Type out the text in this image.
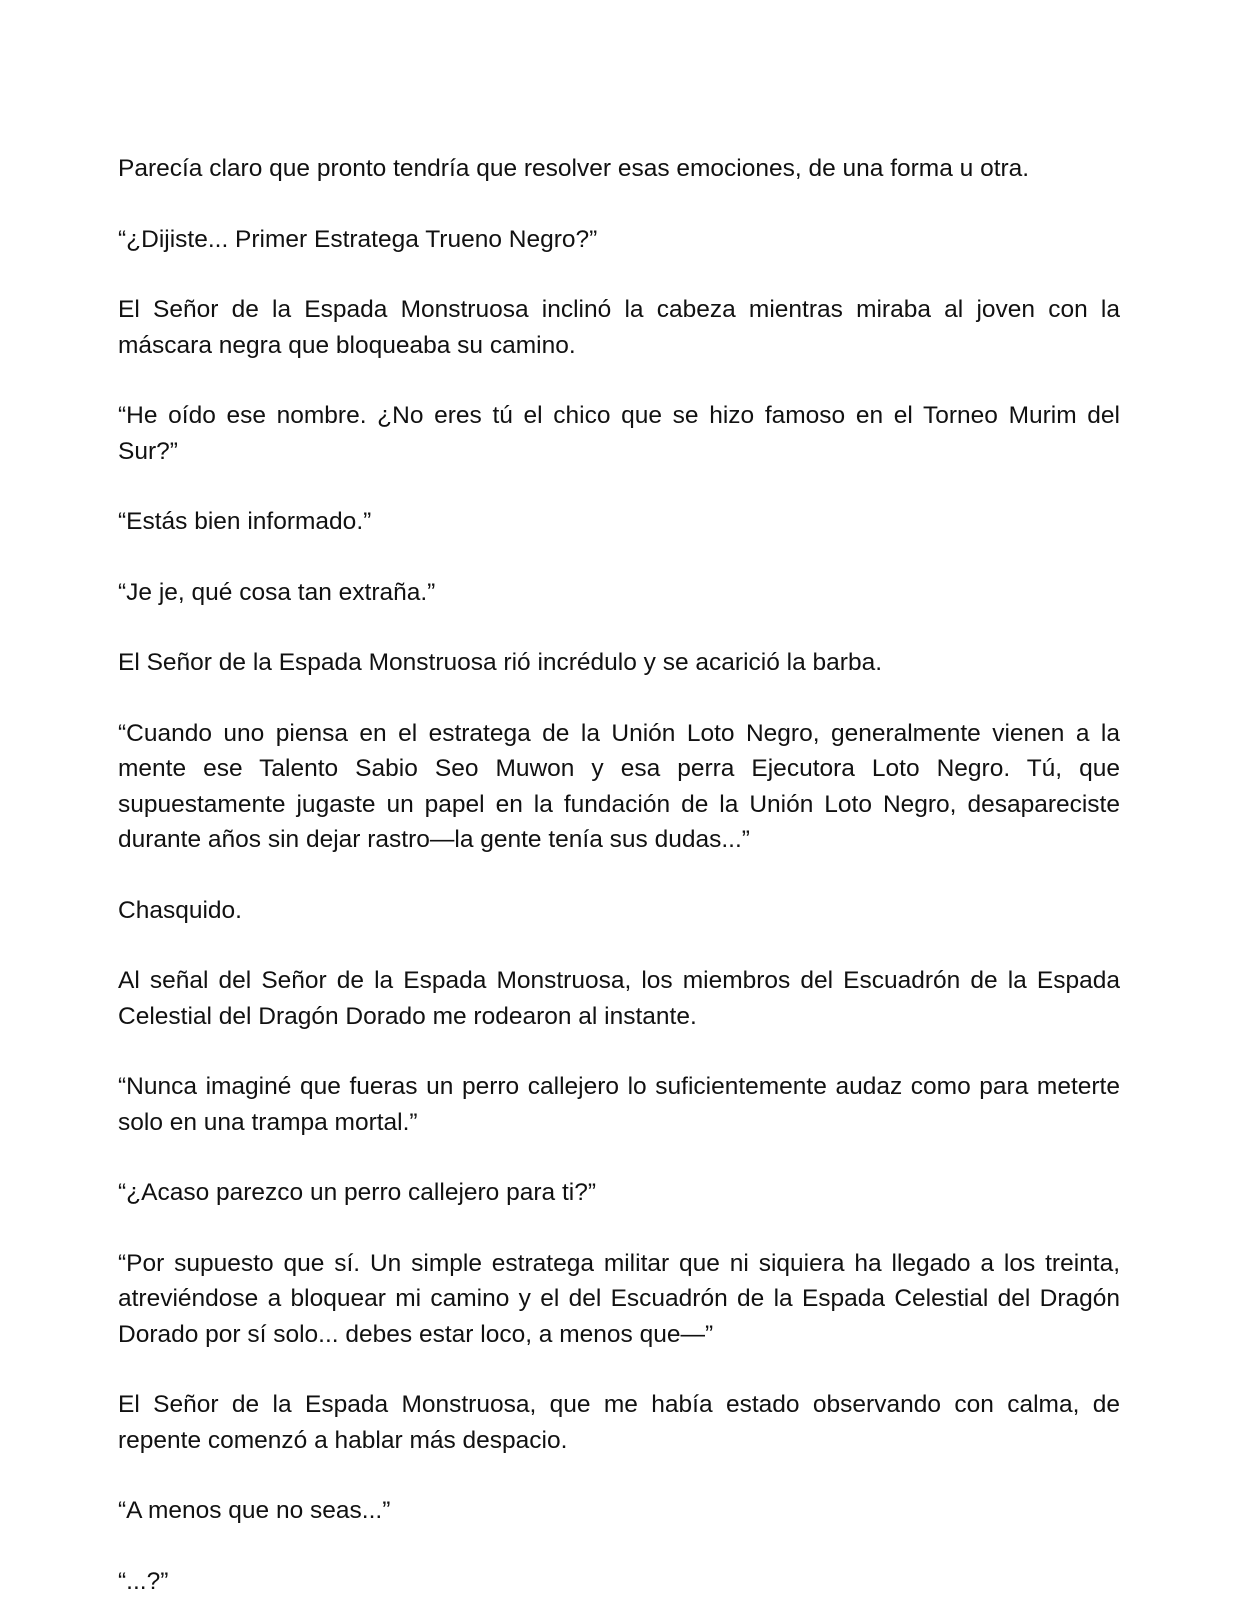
Parecía claro que pronto tendría que resolver esas emociones, de una forma u otra.

“¿Dijiste... Primer Estratega Trueno Negro?”

El Señor de la Espada Monstruosa inclinó la cabeza mientras miraba al joven con la máscara negra que bloqueaba su camino.

“He oído ese nombre. ¿No eres tú el chico que se hizo famoso en el Torneo Murim del Sur?”

“Estás bien informado.”

“Je je, qué cosa tan extraña.”

El Señor de la Espada Monstruosa rió incrédulo y se acarició la barba.

“Cuando uno piensa en el estratega de la Unión Loto Negro, generalmente vienen a la mente ese Talento Sabio Seo Muwon y esa perra Ejecutora Loto Negro. Tú, que supuestamente jugaste un papel en la fundación de la Unión Loto Negro, desapareciste durante años sin dejar rastro—la gente tenía sus dudas...”

Chasquido.

Al señal del Señor de la Espada Monstruosa, los miembros del Escuadrón de la Espada Celestial del Dragón Dorado me rodearon al instante.

“Nunca imaginé que fueras un perro callejero lo suficientemente audaz como para meterte solo en una trampa mortal.”

“¿Acaso parezco un perro callejero para ti?”

“Por supuesto que sí. Un simple estratega militar que ni siquiera ha llegado a los treinta, atreviéndose a bloquear mi camino y el del Escuadrón de la Espada Celestial del Dragón Dorado por sí solo... debes estar loco, a menos que—”

El Señor de la Espada Monstruosa, que me había estado observando con calma, de repente comenzó a hablar más despacio.

“A menos que no seas...”

“...?”
